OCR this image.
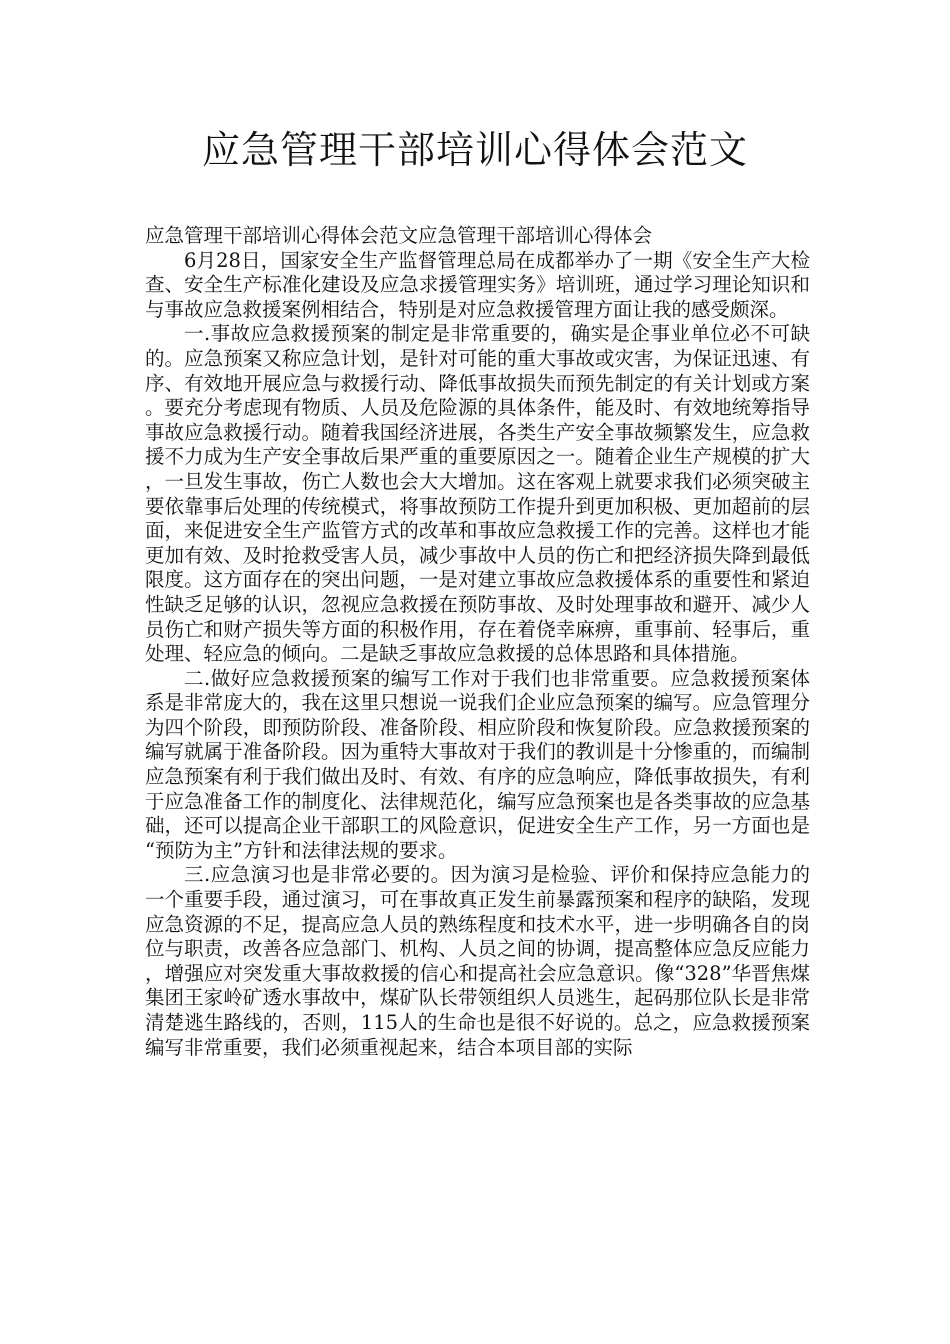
应急管理干部培训心得体会范文

应急管理干部培训心得体会范文应急管理干部培训心得体会

6月28日，国家安全生产监督管理总局在成都举办了一期《安全生产大检查、安全生产标准化建设及应急求援管理实务》培训班，通过学习理论知识和与事故应急救援案例相结合，特别是对应急救援管理方面让我的感受颇深。

一.事故应急救援预案的制定是非常重要的，确实是企事业单位必不可缺的。应急预案又称应急计划，是针对可能的重大事故或灾害，为保证迅速、有序、有效地开展应急与救援行动、降低事故损失而预先制定的有关计划或方案。要充分考虑现有物质、人员及危险源的具体条件，能及时、有效地统筹指导事故应急救援行动。随着我国经济进展，各类生产安全事故频繁发生，应急救援不力成为生产安全事故后果严重的重要原因之一。随着企业生产规模的扩大，一旦发生事故，伤亡人数也会大大增加。这在客观上就要求我们必须突破主要依靠事后处理的传统模式，将事故预防工作提升到更加积极、更加超前的层面，来促进安全生产监管方式的改革和事故应急救援工作的完善。这样也才能更加有效、及时抢救受害人员，减少事故中人员的伤亡和把经济损失降到最低限度。这方面存在的突出问题，一是对建立事故应急救援体系的重要性和紧迫性缺乏足够的认识，忽视应急救援在预防事故、及时处理事故和避开、减少人员伤亡和财产损失等方面的积极作用，存在着侥幸麻痹，重事前、轻事后，重处理、轻应急的倾向。二是缺乏事故应急救援的总体思路和具体措施。

二.做好应急救援预案的编写工作对于我们也非常重要。应急救援预案体系是非常庞大的，我在这里只想说一说我们企业应急预案的编写。应急管理分为四个阶段，即预防阶段、准备阶段、相应阶段和恢复阶段。应急救援预案的编写就属于准备阶段。因为重特大事故对于我们的教训是十分惨重的，而编制应急预案有利于我们做出及时、有效、有序的应急响应，降低事故损失，有利于应急准备工作的制度化、法律规范化，编写应急预案也是各类事故的应急基础，还可以提高企业干部职工的风险意识，促进安全生产工作，另一方面也是“预防为主”方针和法律法规的要求。

三.应急演习也是非常必要的。因为演习是检验、评价和保持应急能力的一个重要手段，通过演习，可在事故真正发生前暴露预案和程序的缺陷，发现应急资源的不足，提高应急人员的熟练程度和技术水平，进一步明确各自的岗位与职责，改善各应急部门、机构、人员之间的协调，提高整体应急反应能力，增强应对突发重大事故救援的信心和提高社会应急意识。像“328”华晋焦煤集团王家岭矿透水事故中，煤矿队长带领组织人员逃生，起码那位队长是非常清楚逃生路线的，否则，115人的生命也是很不好说的。总之，应急救援预案编写非常重要，我们必须重视起来，结合本项目部的实际
